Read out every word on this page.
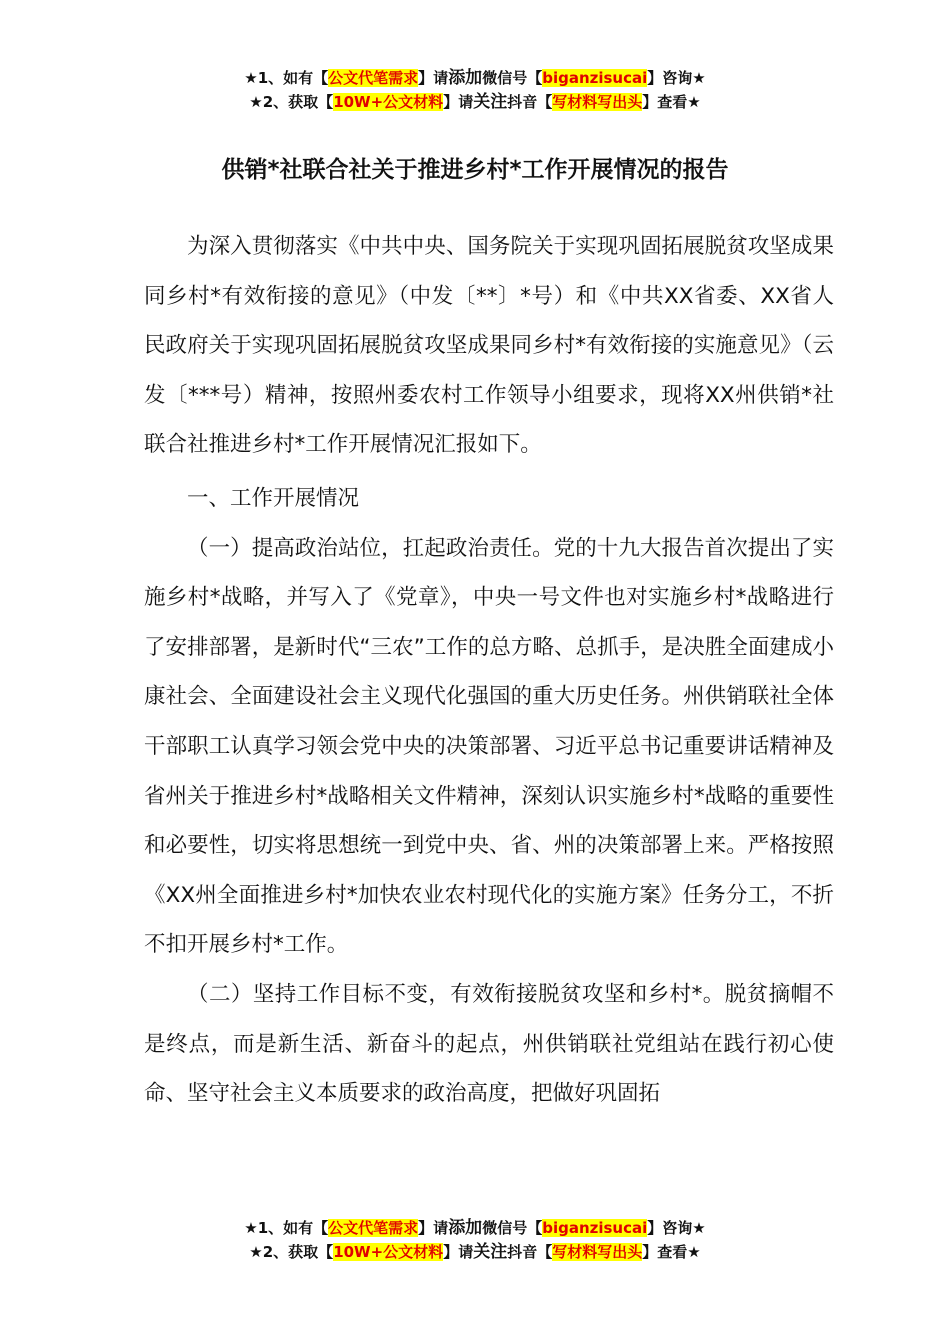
★1、如有【公文代笔需求】请添加微信号【biganzisucai】咨询★
★2、获取【10W+公文材料】请关注抖音【写材料写出头】查看★
供销*社联合社关于推进乡村*工作开展情况的报告

为深入贯彻落实《中共中央、国务院关于实现巩固拓展脱贫攻坚成果同乡村*有效衔接的意见》（中发〔**〕*号）和《中共XX省委、XX省人民政府关于实现巩固拓展脱贫攻坚成果同乡村*有效衔接的实施意见》（云发〔***号）精神，按照州委农村工作领导小组要求，现将XX州供销*社联合社推进乡村*工作开展情况汇报如下。

一、工作开展情况

（一）提高政治站位，扛起政治责任。党的十九大报告首次提出了实施乡村*战略，并写入了《党章》，中央一号文件也对实施乡村*战略进行了安排部署，是新时代“三农”工作的总方略、总抓手，是决胜全面建成小康社会、全面建设社会主义现代化强国的重大历史任务。州供销联社全体干部职工认真学习领会党中央的决策部署、习近平总书记重要讲话精神及省州关于推进乡村*战略相关文件精神，深刻认识实施乡村*战略的重要性和必要性，切实将思想统一到党中央、省、州的决策部署上来。严格按照《XX州全面推进乡村*加快农业农村现代化的实施方案》任务分工，不折不扣开展乡村*工作。

（二）坚持工作目标不变，有效衔接脱贫攻坚和乡村*。脱贫摘帽不是终点，而是新生活、新奋斗的起点，州供销联社党组站在践行初心使命、坚守社会主义本质要求的政治高度，把做好巩固拓

★1、如有【公文代笔需求】请添加微信号【biganzisucai】咨询★
★2、获取【10W+公文材料】请关注抖音【写材料写出头】查看★
